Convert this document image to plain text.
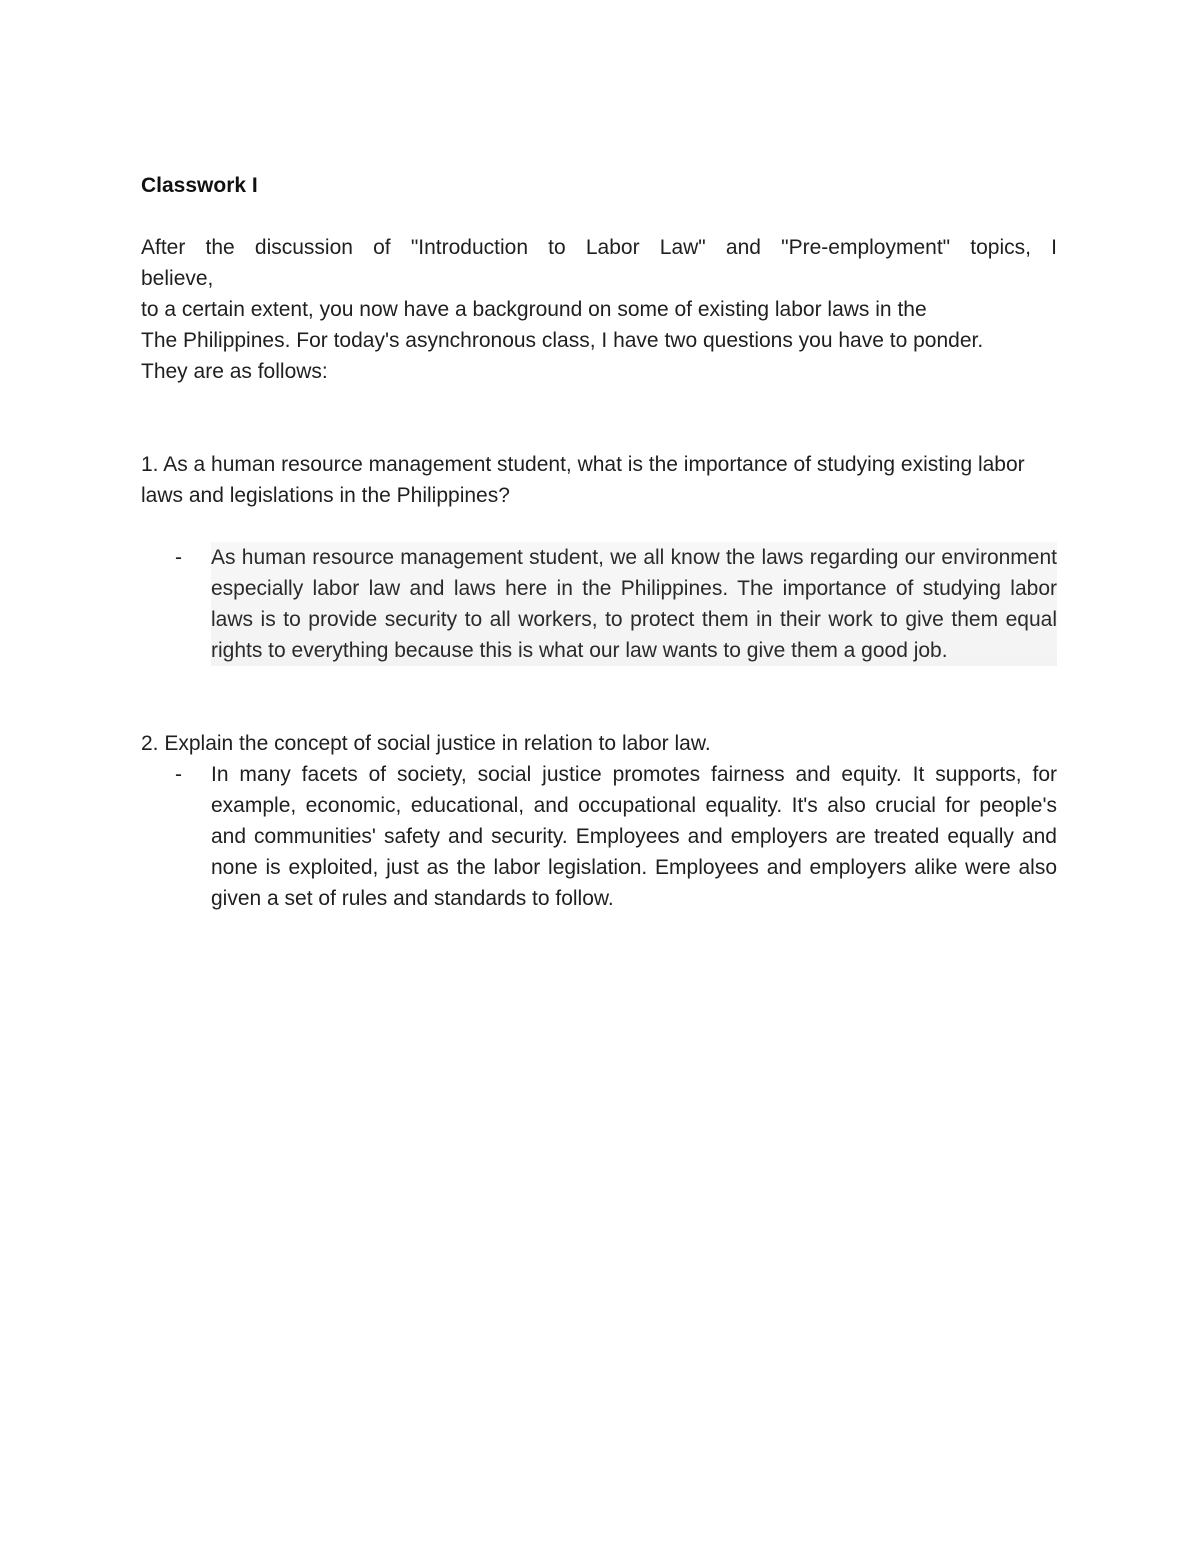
Classwork I

After the discussion of "Introduction to Labor Law" and "Pre-employment" topics, I

believe,

to a certain extent, you now have a background on some of existing labor laws in the

The Philippines. For today's asynchronous class, I have two questions you have to ponder.

They are as follows:

1. As a human resource management student, what is the importance of studying existing labor laws and legislations in the Philippines?

-	As human resource management student, we all know the laws regarding our environment especially labor law and laws here in the Philippines. The importance of studying labor laws is to provide security to all workers, to protect them in their work to give them equal rights to everything because this is what our law wants to give them a good job.

2. Explain the concept of social justice in relation to labor law.

-	In many facets of society, social justice promotes fairness and equity. It supports, for example, economic, educational, and occupational equality. It's also crucial for people's and communities' safety and security. Employees and employers are treated equally and none is exploited, just as the labor legislation. Employees and employers alike were also given a set of rules and standards to follow.
